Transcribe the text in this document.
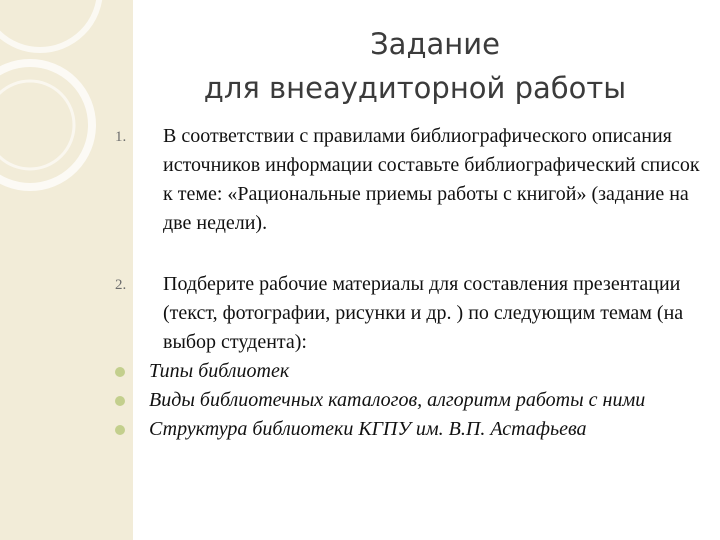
Задание
для внеаудиторной работы
1. В соответствии с правилами библиографического описания источников информации составьте библиографический список к теме: «Рациональные приемы работы с книгой» (задание на две недели).
2. Подберите рабочие материалы для составления презентации (текст, фотографии, рисунки и др. ) по следующим темам (на выбор студента):
Типы библиотек
Виды библиотечных каталогов, алгоритм работы с ними
Структура библиотеки КГПУ им. В.П. Астафьева
